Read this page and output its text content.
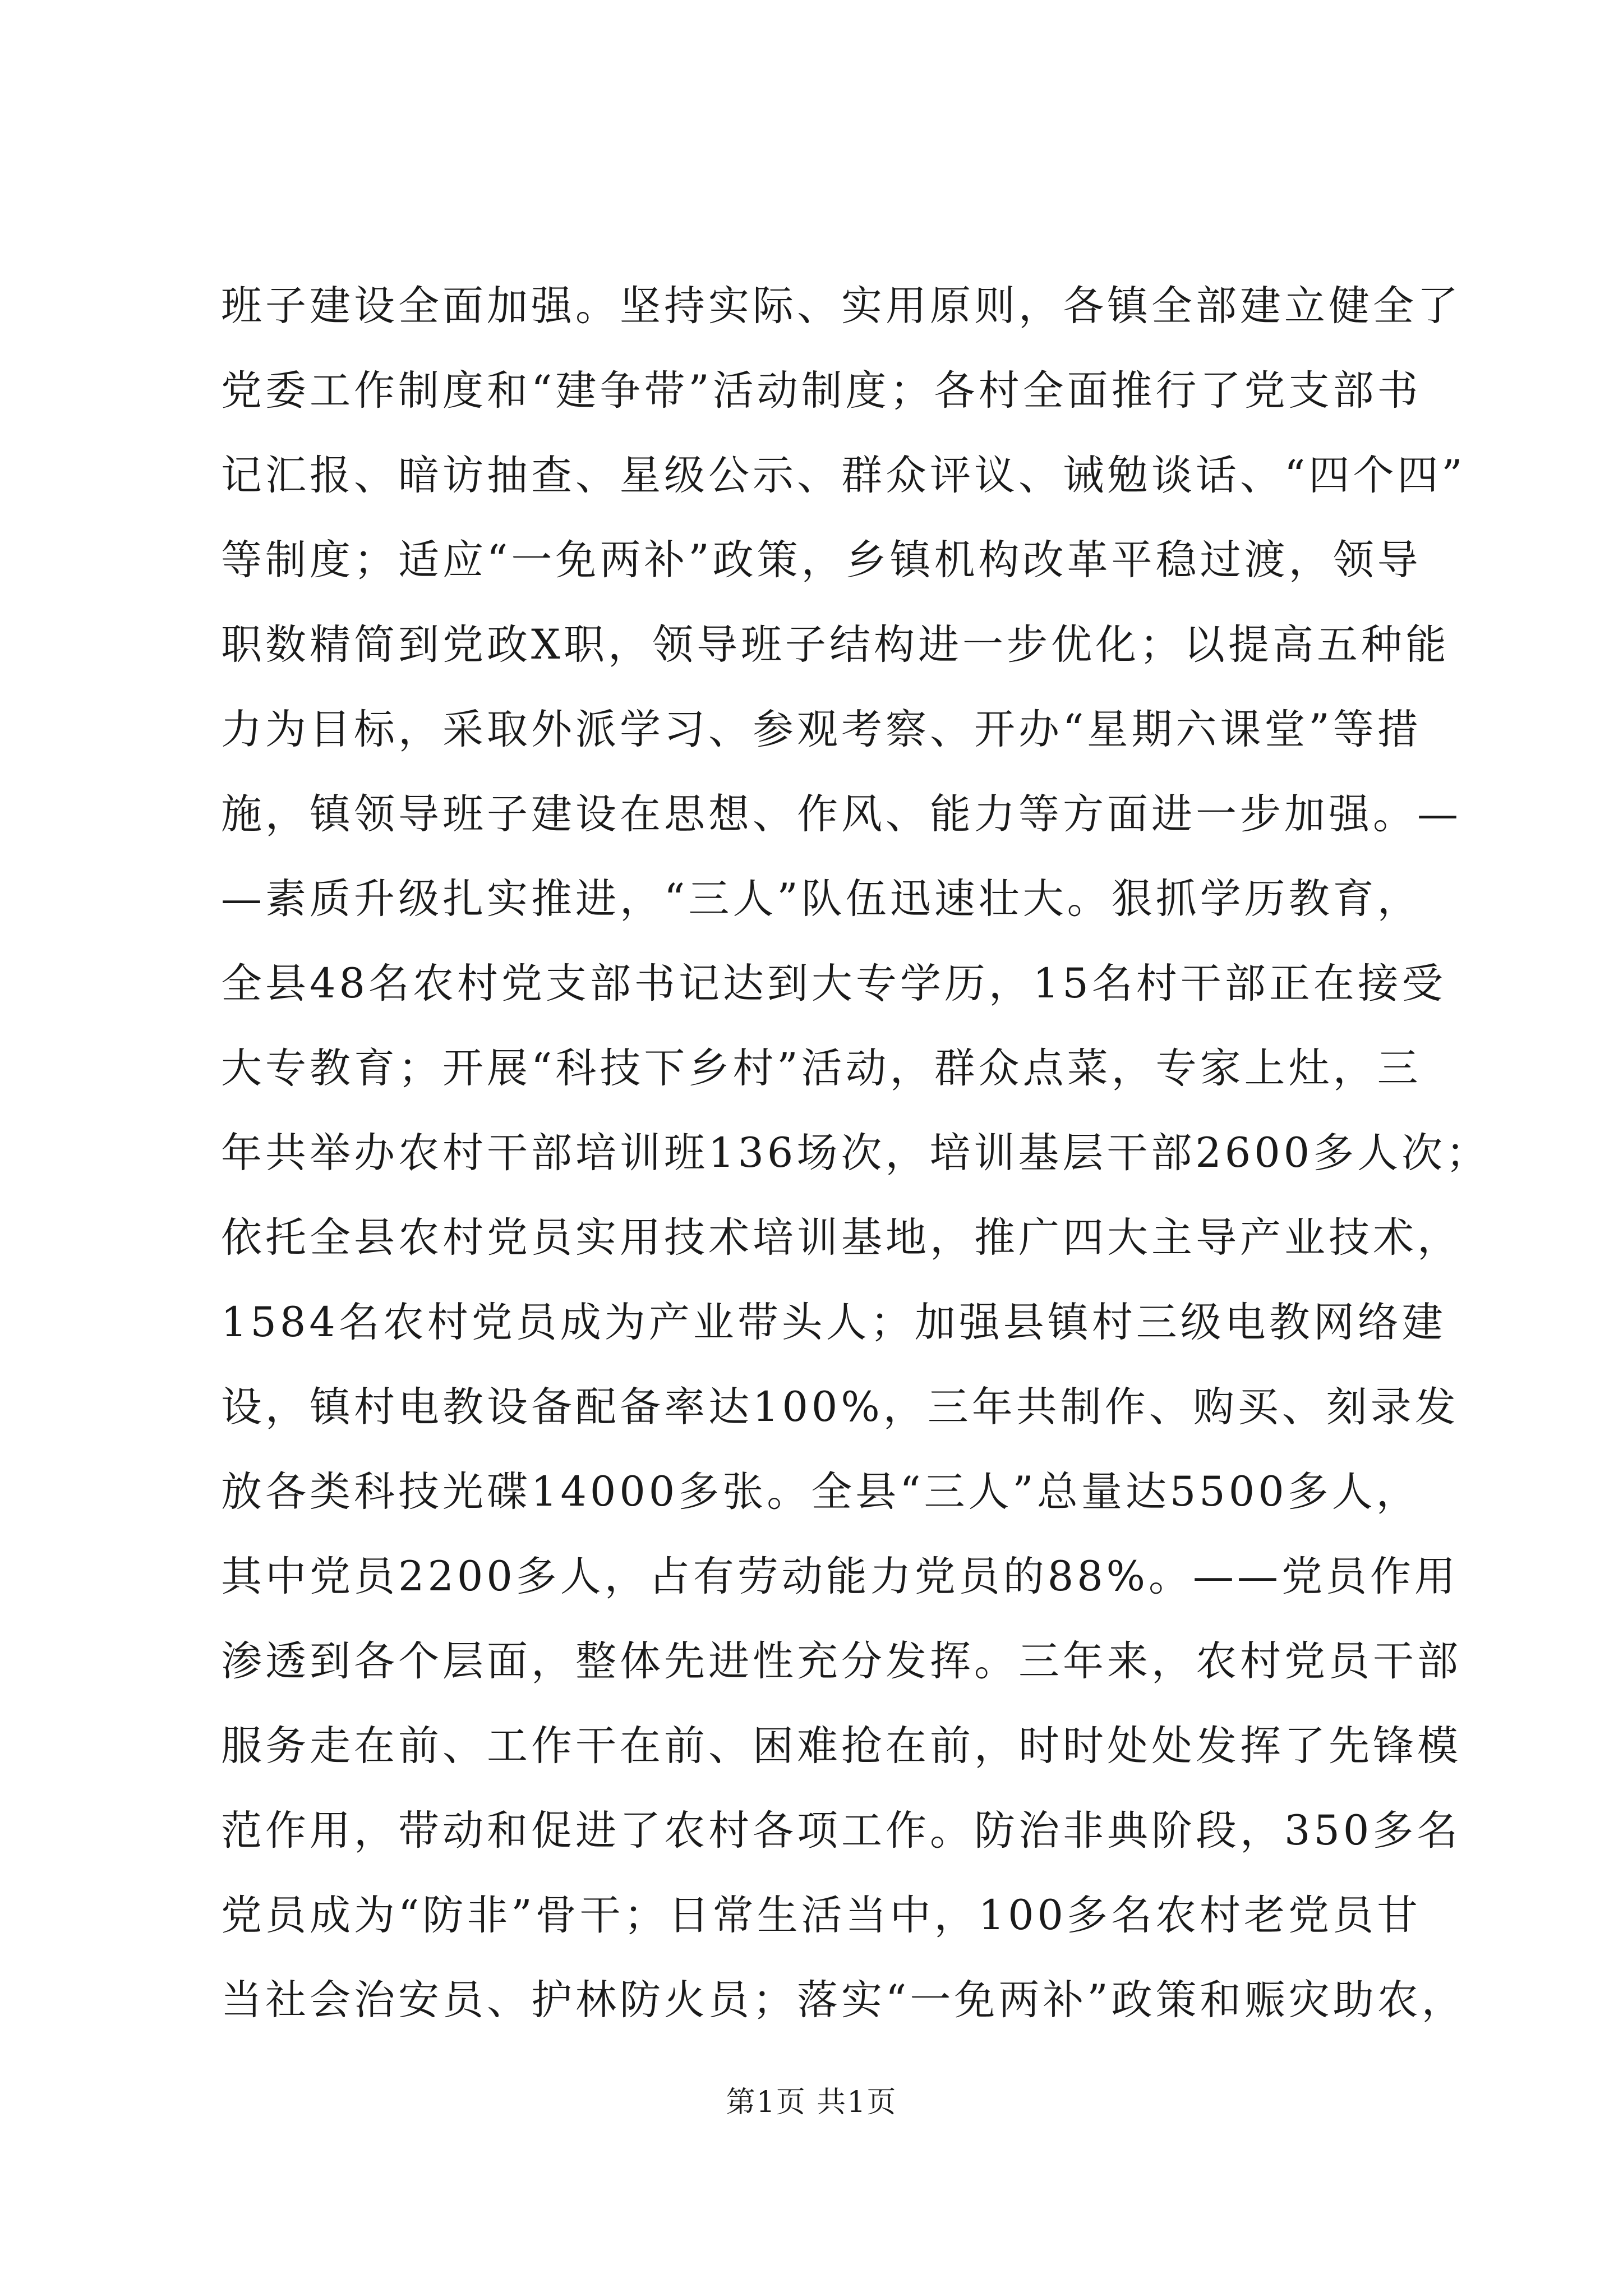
班子建设全面加强。坚持实际、实用原则，各镇全部建立健全了
党委工作制度和“建争带”活动制度；各村全面推行了党支部书
记汇报、暗访抽查、星级公示、群众评议、诫勉谈话、“四个四”
等制度；适应“一免两补”政策，乡镇机构改革平稳过渡，领导
职数精简到党政X职，领导班子结构进一步优化；以提高五种能
力为目标，采取外派学习、参观考察、开办“星期六课堂”等措
施，镇领导班子建设在思想、作风、能力等方面进一步加强。—
—素质升级扎实推进，“三人”队伍迅速壮大。狠抓学历教育，
全县48名农村党支部书记达到大专学历，15名村干部正在接受
大专教育；开展“科技下乡村”活动，群众点菜，专家上灶，三
年共举办农村干部培训班136场次，培训基层干部2600多人次；
依托全县农村党员实用技术培训基地，推广四大主导产业技术，
1584名农村党员成为产业带头人；加强县镇村三级电教网络建
设，镇村电教设备配备率达100%，三年共制作、购买、刻录发
放各类科技光碟14000多张。全县“三人”总量达5500多人，
其中党员2200多人，占有劳动能力党员的88%。——党员作用
渗透到各个层面，整体先进性充分发挥。三年来，农村党员干部
服务走在前、工作干在前、困难抢在前，时时处处发挥了先锋模
范作用，带动和促进了农村各项工作。防治非典阶段，350多名
党员成为“防非”骨干；日常生活当中，100多名农村老党员甘
当社会治安员、护林防火员；落实“一免两补”政策和赈灾助农，
第1页 共1页
